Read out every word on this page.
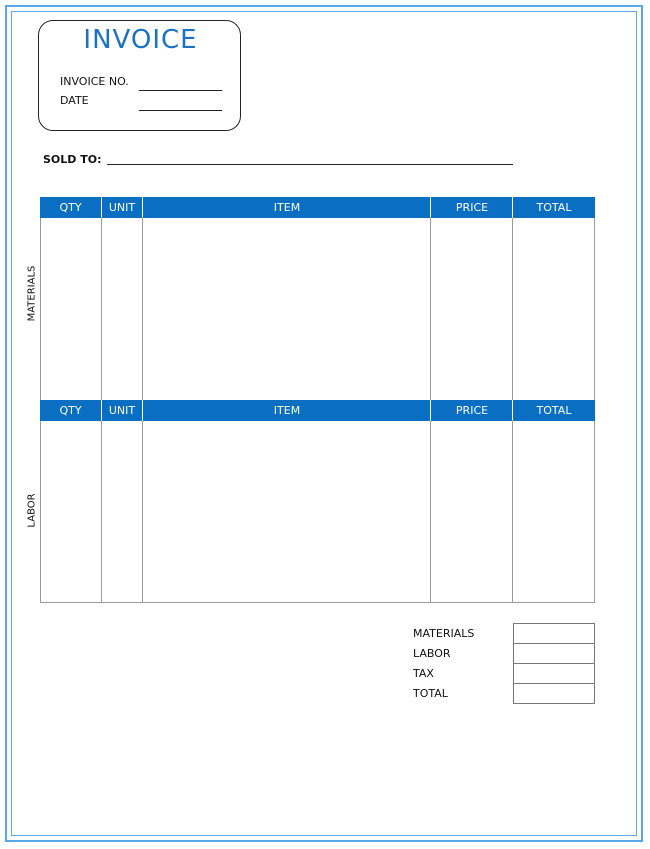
INVOICE
INVOICE NO.
DATE
SOLD TO:
QTY	UNIT	ITEM	PRICE	TOTAL
MATERIALS
QTY	UNIT	ITEM	PRICE	TOTAL
LABOR
MATERIALS
LABOR
TAX
TOTAL
